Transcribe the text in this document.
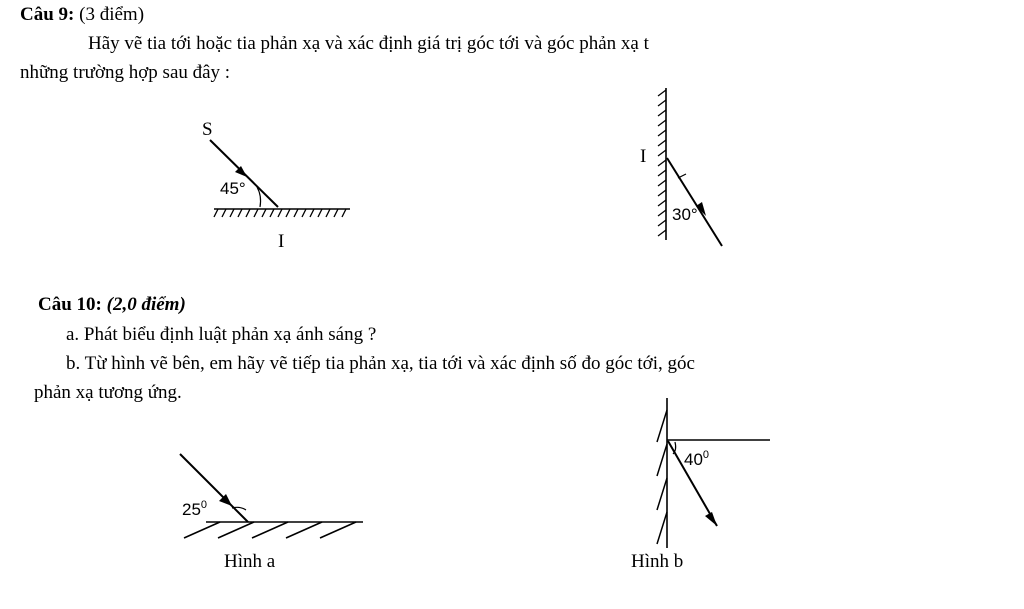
Câu 9: (3 điểm)
Hãy vẽ tia tới hoặc tia phản xạ và xác định giá trị góc tới và góc phản xạ t
những trường hợp sau đây :
S
45°
I
I
30°
Câu 10: (2,0 điểm)
a. Phát biểu định luật phản xạ ánh sáng ?
b. Từ hình vẽ bên, em hãy vẽ tiếp tia phản xạ, tia tới và xác định số đo góc tới, góc
phản xạ tương ứng.
$25^0$
Hình a
$40^0$
Hình b
